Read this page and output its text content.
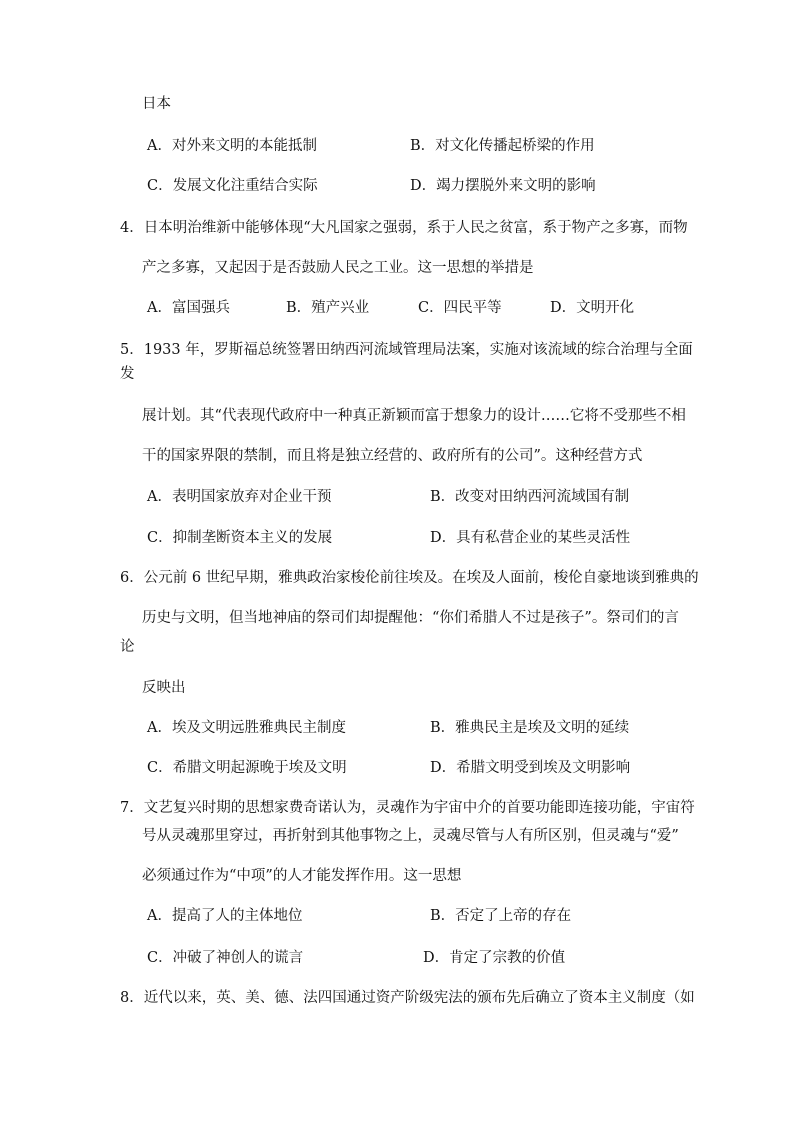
日本
A．对外来文明的本能抵制	B．对文化传播起桥梁的作用
C．发展文化注重结合实际	D．竭力摆脱外来文明的影响
4．日本明治维新中能够体现“大凡国家之强弱，系于人民之贫富，系于物产之多寡，而物
产之多寡，又起因于是否鼓励人民之工业。这一思想的举措是
A．富国强兵	B．殖产兴业	C．四民平等	D．文明开化
5．1933 年，罗斯福总统签署田纳西河流域管理局法案，实施对该流域的综合治理与全面
发
展计划。其“代表现代政府中一种真正新颖而富于想象力的设计……它将不受那些不相
干的国家界限的禁制，而且将是独立经营的、政府所有的公司”。这种经营方式
A．表明国家放弃对企业干预	B．改变对田纳西河流域国有制
C．抑制垄断资本主义的发展	D．具有私营企业的某些灵活性
6．公元前 6 世纪早期，雅典政治家梭伦前往埃及。在埃及人面前，梭伦自豪地谈到雅典的
历史与文明，但当地神庙的祭司们却提醒他：“你们希腊人不过是孩子”。祭司们的言
论
反映出
A．埃及文明远胜雅典民主制度	B．雅典民主是埃及文明的延续
C．希腊文明起源晚于埃及文明	D．希腊文明受到埃及文明影响
7．文艺复兴时期的思想家费奇诺认为，灵魂作为宇宙中介的首要功能即连接功能，宇宙符
号从灵魂那里穿过，再折射到其他事物之上，灵魂尽管与人有所区别，但灵魂与“爱”
必须通过作为“中项”的人才能发挥作用。这一思想
A．提高了人的主体地位	B．否定了上帝的存在
C．冲破了神创人的谎言	D．肯定了宗教的价值
8．近代以来，英、美、德、法四国通过资产阶级宪法的颁布先后确立了资本主义制度（如
